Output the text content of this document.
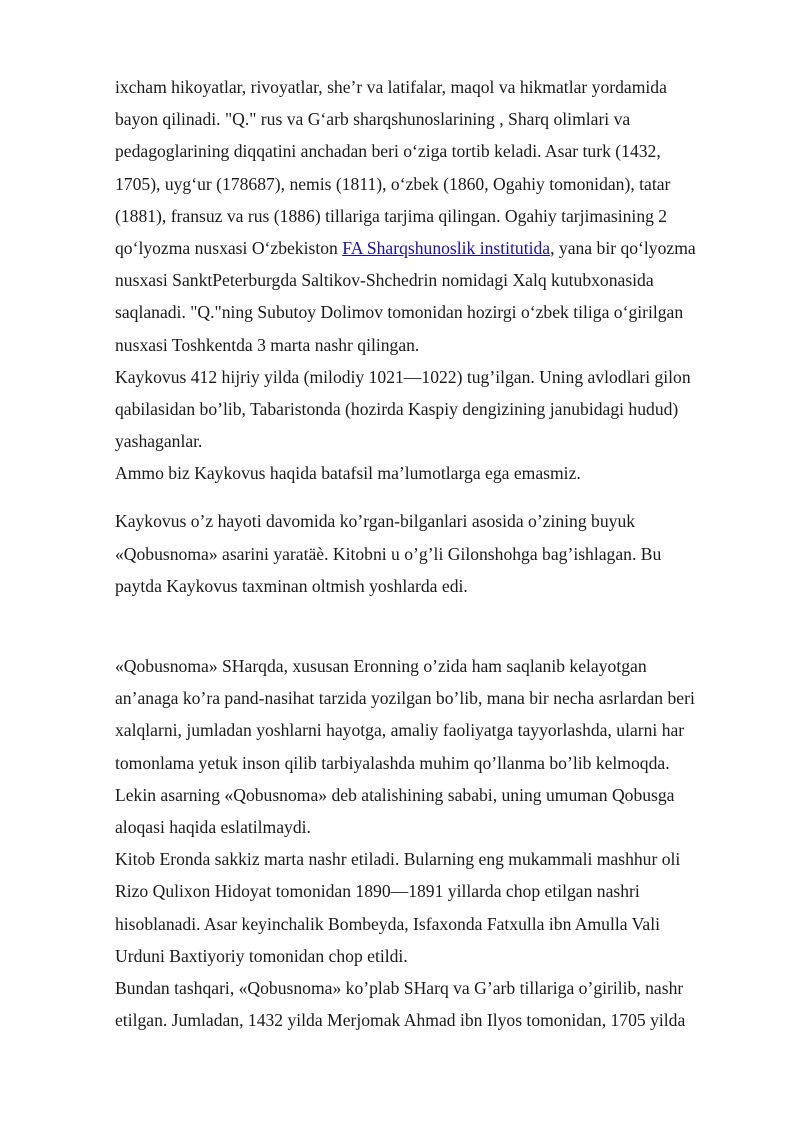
ixcham hikoyatlar, rivoyatlar, she’r va latifalar, maqol va hikmatlar yordamida
bayon qilinadi. "Q." rus va G‘arb sharqshunoslarining , Sharq olimlari va
pedagoglarining diqqatini anchadan beri o‘ziga tortib keladi. Asar turk (1432,
1705), uyg‘ur (178687), nemis (1811), o‘zbek (1860, Ogahiy tomonidan), tatar
(1881), fransuz va rus (1886) tillariga tarjima qilingan. Ogahiy tarjimasining 2
qo‘lyozma nusxasi O‘zbekiston FA Sharqshunoslik institutida, yana bir qo‘lyozma
nusxasi SanktPeterburgda Saltikov-Shchedrin nomidagi Xalq kutubxonasida
saqlanadi. "Q."ning Subutoy Dolimov tomonidan hozirgi o‘zbek tiliga o‘girilgan
nusxasi Toshkentda 3 marta nashr qilingan.

Kaykovus 412 hijriy yilda (milodiy 1021—1022) tug’ilgan. Uning avlodlari gilon
qabilasidan bo’lib, Tabaristonda (hozirda Kaspiy dengizining janubidagi hudud)
yashaganlar.

Ammo biz Kaykovus haqida batafsil ma’lumotlarga ega emasmiz.

Kaykovus o’z hayoti davomida ko’rgan-bilganlari asosida o’zining buyuk
«Qobusnoma» asarini yaratäè. Kitobni u o’g’li Gilonshohga bag’ishlagan. Bu
paytda Kaykovus taxminan oltmish yoshlarda edi.

«Qobusnoma» SHarqda, xususan Eronning o’zida ham saqlanib kelayotgan
an’anaga ko’ra pand-nasihat tarzida yozilgan bo’lib, mana bir necha asrlardan beri
xalqlarni, jumladan yoshlarni hayotga, amaliy faoliyatga tayyorlashda, ularni har
tomonlama yetuk inson qilib tarbiyalashda muhim qo’llanma bo’lib kelmoqda.
Lekin asarning «Qobusnoma» deb atalishining sababi, uning umuman Qobusga
aloqasi haqida eslatilmaydi.

Kitob Eronda sakkiz marta nashr etiladi. Bularning eng mukammali mashhur oli
Rizo Qulixon Hidoyat tomonidan 1890—1891 yillarda chop etilgan nashri
hisoblanadi. Asar keyinchalik Bombeyda, Isfaxonda Fatxulla ibn Amulla Vali
Urduni Baxtiyoriy tomonidan chop etildi.

Bundan tashqari, «Qobusnoma» ko’plab SHarq va G’arb tillariga o’girilib, nashr
etilgan. Jumladan, 1432 yilda Merjomak Ahmad ibn Ilyos tomonidan, 1705 yilda
